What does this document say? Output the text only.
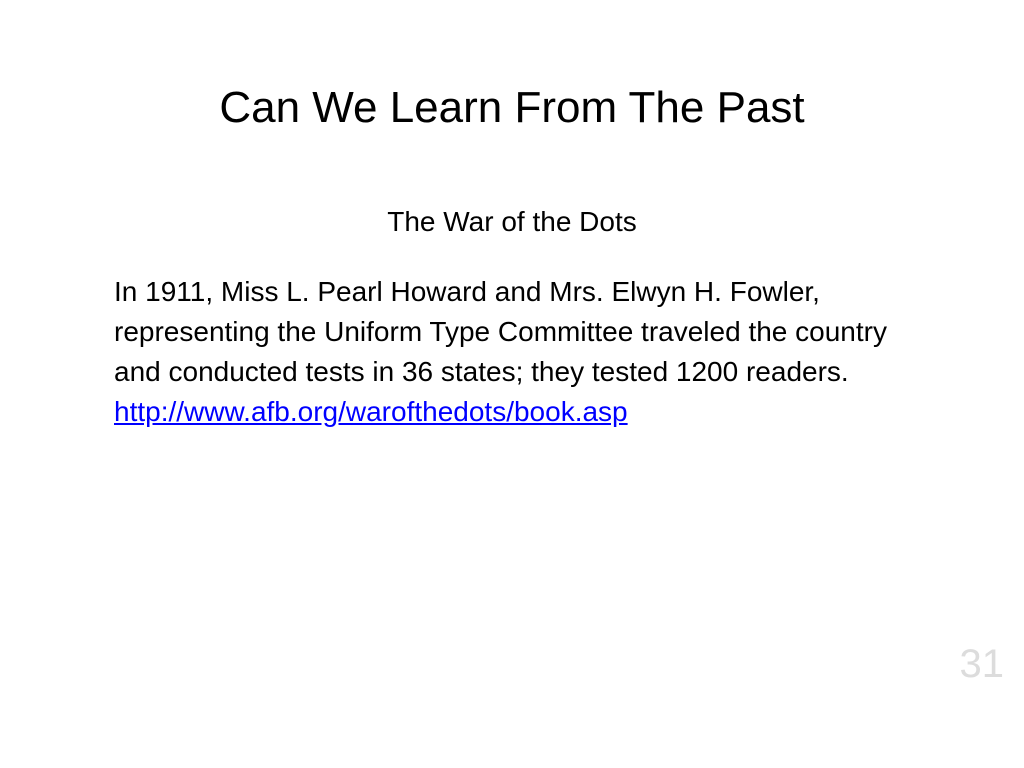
Can We Learn From The Past

The War of the Dots

In 1911, Miss L. Pearl Howard and Mrs. Elwyn H. Fowler, representing the Uniform Type Committee traveled the country and conducted tests in 36 states; they tested 1200 readers.
http://www.afb.org/warofthedots/book.asp
31
